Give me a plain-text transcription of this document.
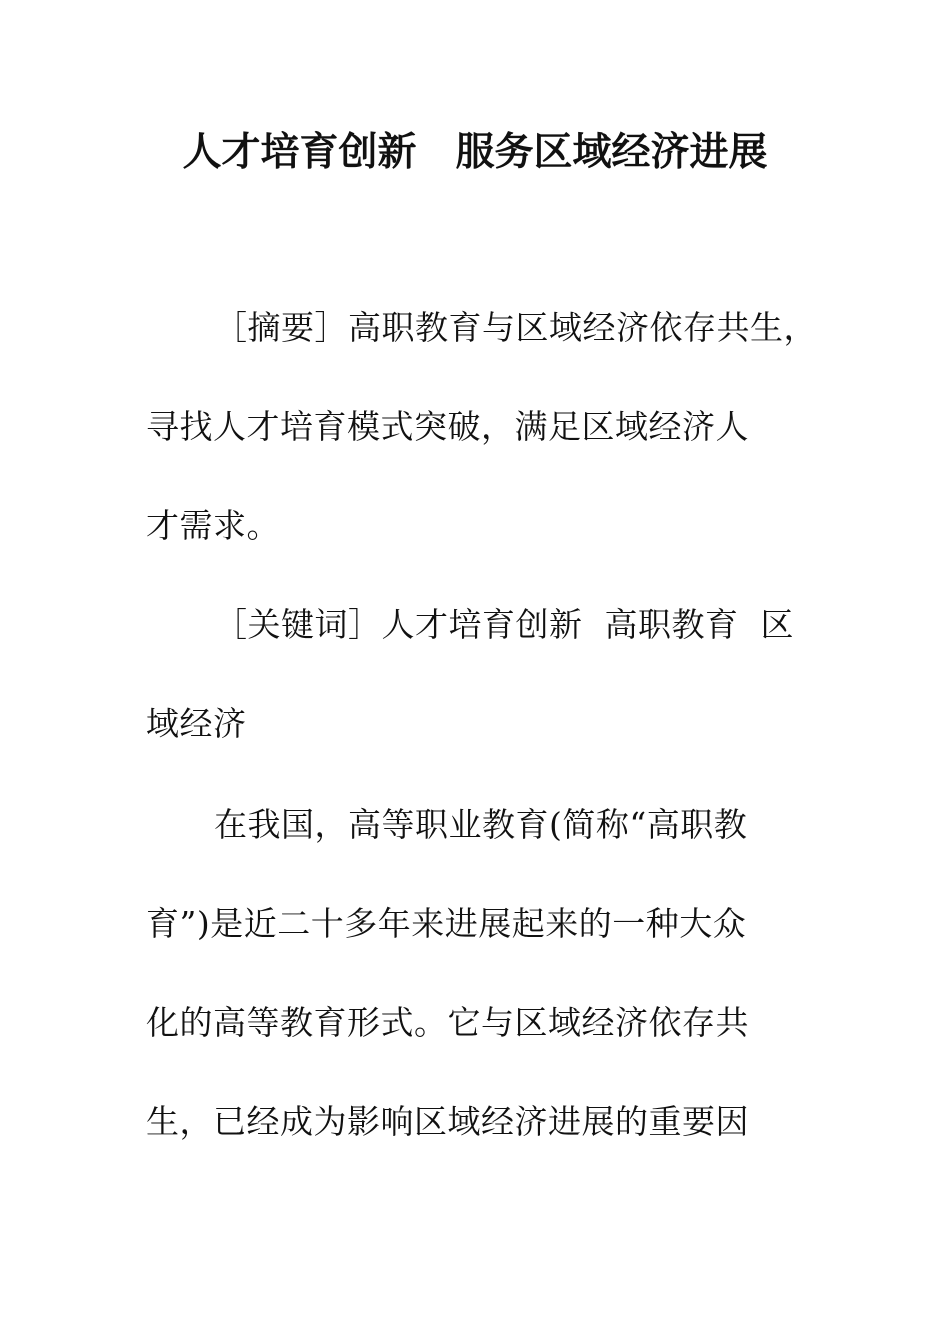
人才培育创新　服务区域经济进展
［摘要］高职教育与区域经济依存共生，
寻找人才培育模式突破，满足区域经济人
才需求。
［关键词］人才培育创新  高职教育  区
域经济
在我国，高等职业教育(简称“高职教
育”)是近二十多年来进展起来的一种大众
化的高等教育形式。它与区域经济依存共
生，已经成为影响区域经济进展的重要因
